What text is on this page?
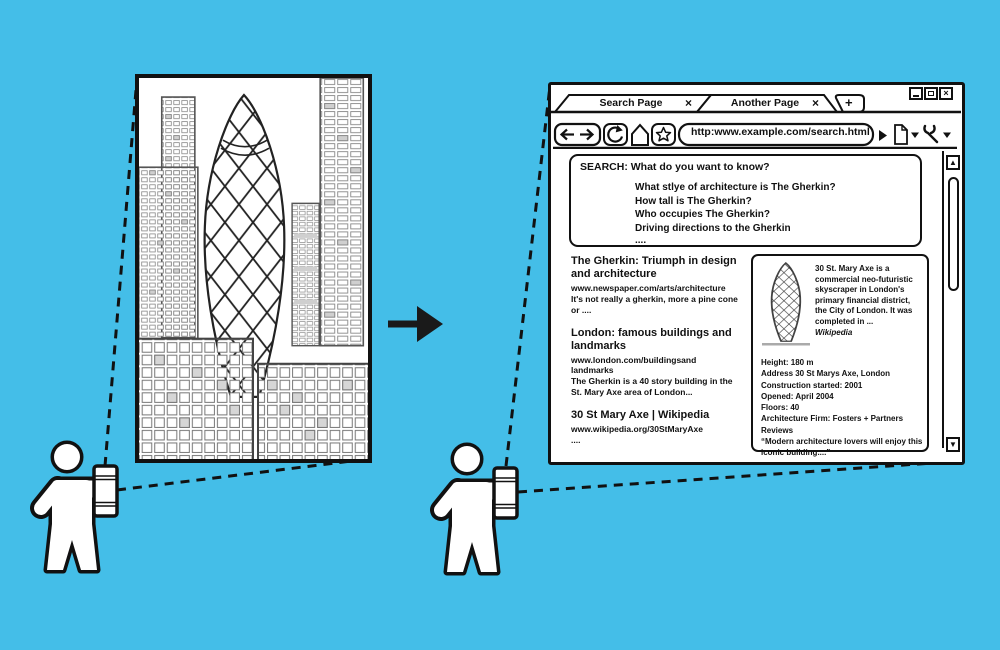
×
Search Page	×	Another Page	× +
http:www.example.com/search.html
SEARCH: What do you want to know?
What stlye of architecture is The Gherkin?
How tall is The Gherkin?
Who occupies The Gherkin?
Driving directions to the Gherkin
....
The Gherkin: Triumph in design and architecture
www.newspaper.com/arts/architecture
It's not really a gherkin, more a pine cone or ....
London: famous buildings and landmarks
www.london.com/buildingsand landmarks
The Gherkin is a 40 story building in the St. Mary Axe area of London...
30 St Mary Axe | Wikipedia
www.wikipedia.org/30StMaryAxe
....
30 St. Mary Axe is a commercial neo-futuristic skyscraper in London's primary financial district, the City of London. It was completed in ...
Wikipedia
Height: 180 m
Address 30 St Marys Axe, London
Construction started: 2001
Opened: April 2004
Floors: 40
Architecture Firm: Fosters + Partners
Reviews
“Modern architecture lovers will enjoy this iconic building....”
▲
▼
